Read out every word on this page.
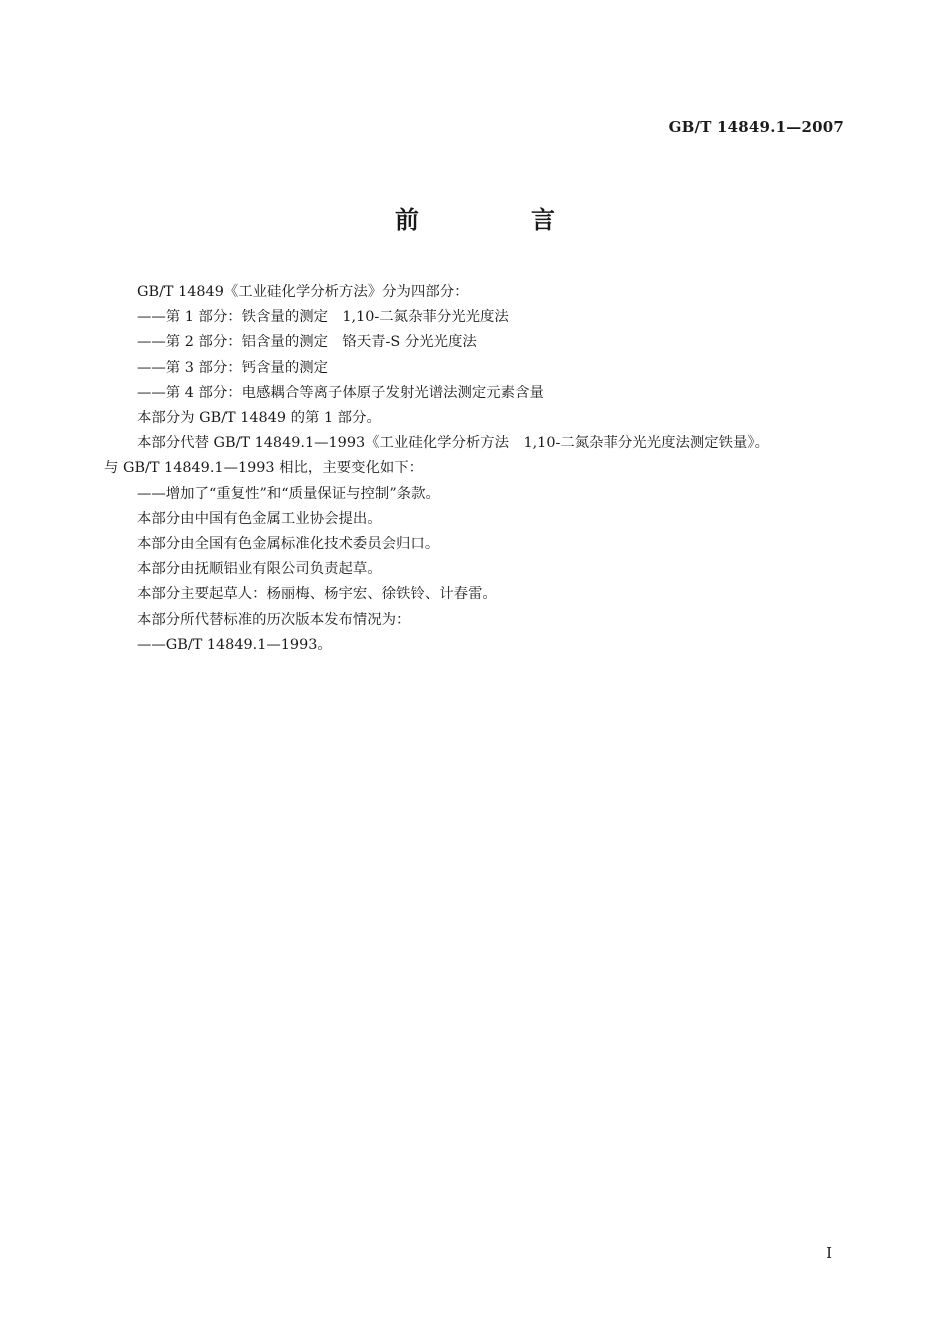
GB/T 14849.1—2007
前　言
GB/T 14849《工业硅化学分析方法》分为四部分：
——第 1 部分：铁含量的测定　1,10-二氮杂菲分光光度法
——第 2 部分：铝含量的测定　铬天青-S 分光光度法
——第 3 部分：钙含量的测定
——第 4 部分：电感耦合等离子体原子发射光谱法测定元素含量
本部分为 GB/T 14849 的第 1 部分。
本部分代替 GB/T 14849.1—1993《工业硅化学分析方法　1,10-二氮杂菲分光光度法测定铁量》。
与 GB/T 14849.1—1993 相比，主要变化如下：
——增加了“重复性”和“质量保证与控制”条款。
本部分由中国有色金属工业协会提出。
本部分由全国有色金属标准化技术委员会归口。
本部分由抚顺铝业有限公司负责起草。
本部分主要起草人：杨丽梅、杨宇宏、徐铁铃、计春雷。
本部分所代替标准的历次版本发布情况为：
——GB/T 14849.1—1993。
I
